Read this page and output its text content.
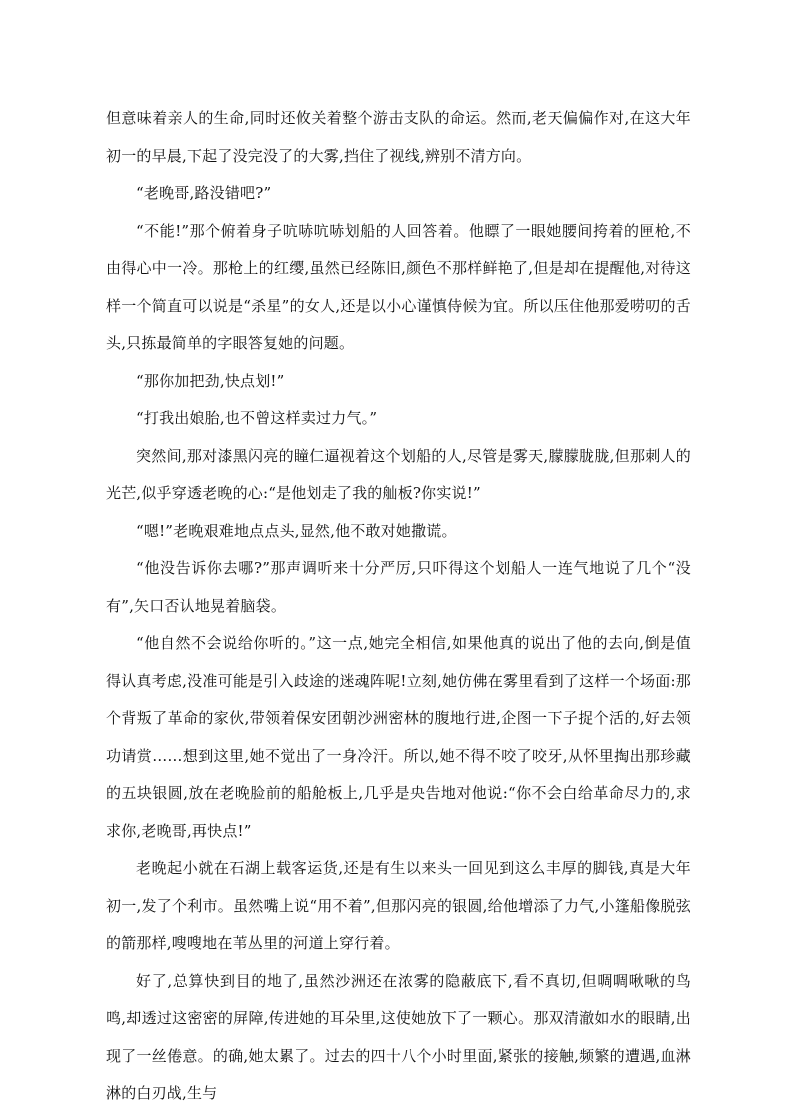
但意味着亲人的生命,同时还攸关着整个游击支队的命运。然而,老天偏偏作对,在这大年初一的早晨,下起了没完没了的大雾,挡住了视线,辨别不清方向。

“老晚哥,路没错吧?”

“不能!”那个俯着身子吭哧吭哧划船的人回答着。他瞟了一眼她腰间挎着的匣枪,不由得心中一冷。那枪上的红缨,虽然已经陈旧,颜色不那样鲜艳了,但是却在提醒他,对待这样一个简直可以说是“杀星”的女人,还是以小心谨慎侍候为宜。所以压住他那爱唠叨的舌头,只拣最简单的字眼答复她的问题。

“那你加把劲,快点划!”

“打我出娘胎,也不曾这样卖过力气。”

突然间,那对漆黑闪亮的瞳仁逼视着这个划船的人,尽管是雾天,朦朦胧胧,但那刺人的光芒,似乎穿透老晚的心:“是他划走了我的舢板?你实说!”

“嗯!”老晚艰难地点点头,显然,他不敢对她撒谎。

“他没告诉你去哪?”那声调听来十分严厉,只吓得这个划船人一连气地说了几个“没有”,矢口否认地晃着脑袋。

“他自然不会说给你听的。”这一点,她完全相信,如果他真的说出了他的去向,倒是值得认真考虑,没准可能是引入歧途的迷魂阵呢!立刻,她仿佛在雾里看到了这样一个场面:那个背叛了革命的家伙,带领着保安团朝沙洲密林的腹地行进,企图一下子捉个活的,好去领功请赏……想到这里,她不觉出了一身冷汗。所以,她不得不咬了咬牙,从怀里掏出那珍藏的五块银圆,放在老晚脸前的船舱板上,几乎是央告地对他说:“你不会白给革命尽力的,求求你,老晚哥,再快点!”

老晚起小就在石湖上载客运货,还是有生以来头一回见到这么丰厚的脚钱,真是大年初一,发了个利市。虽然嘴上说“用不着”,但那闪亮的银圆,给他增添了力气,小篷船像脱弦的箭那样,嗖嗖地在苇丛里的河道上穿行着。

好了,总算快到目的地了,虽然沙洲还在浓雾的隐蔽底下,看不真切,但啁啁啾啾的鸟鸣,却透过这密密的屏障,传进她的耳朵里,这使她放下了一颗心。那双清澈如水的眼睛,出现了一丝倦意。的确,她太累了。过去的四十八个小时里面,紧张的接触,频繁的遭遇,血淋淋的白刃战,生与
